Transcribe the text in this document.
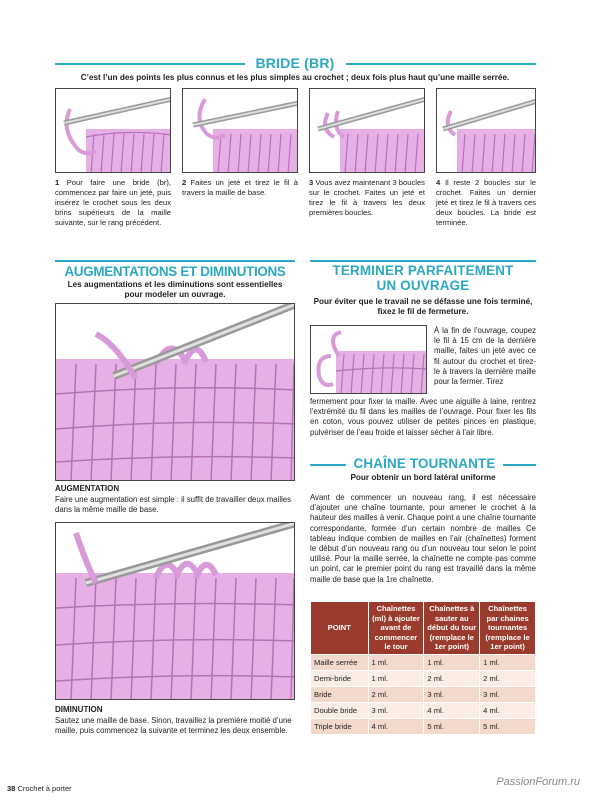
BRIDE (BR)
C’est l’un des points les plus connus et les plus simples au crochet ; deux fois plus haut qu’une maille serrée.
1 Pour faire une bride (br), commencez par faire un jeté, puis insérez le crochet sous les deux brins supérieurs de la maille suivante, sur le rang précédent.
2 Faites un jeté et tirez le fil à travers la maille de base.
3 Vous avez maintenant 3 boucles sur le crochet. Faites un jeté et tirez le fil à travers les deux premières boucles.
4 Il reste 2 boucles sur le crochet. Faites un dernier jeté et tirez le fil à travers ces deux boucles. La bride est terminée.
AUGMENTATIONS ET DIMINUTIONS
Les augmentations et les diminutions sont essentielles pour modeler un ouvrage.
AUGMENTATION
Faire une augmentation est simple : il suffit de travailler deux mailles dans la même maille de base.
DIMINUTION
Sautez une maille de base. Sinon, travaillez la première moitié d’une maille, puis commencez la suivante et terminez les deux ensemble.
TERMINER PARFAITEMENT
UN OUVRAGE
Pour éviter que le travail ne se défasse une fois terminé, fixez le fil de fermeture.
À la fin de l’ouvrage, coupez le fil à 15 cm de la dernière maille, faites un jeté avec ce fil autour du crochet et tirez-le à travers la dernière maille pour la fermer. Tirez
fermement pour fixer la maille. Avec une aiguille à laine, rentrez l’extrémité du fil dans les mailles de l’ouvrage. Pour fixer les fils en coton, vous pouvez utiliser de petites pinces en plastique, pulvériser de l’eau froide et laisser sécher à l’air libre.
CHAÎNE TOURNANTE
Pour obtenir un bord latéral uniforme
Avant de commencer un nouveau rang, il est nécessaire d’ajouter une chaîne tournante, pour amener le crochet à la hauteur des mailles à venir. Chaque point a une chaîne tournante correspondante, formée d’un certain nombre de mailles Ce tableau indique combien de mailles en l’air (chaînettes) forment le début d’un nouveau rang ou d’un nouveau tour selon le point utilisé. Pour la maille serrée, la chaînette ne compte pas comme un point, car le premier point du rang est travaillé dans la même maille de base que la 1re chaînette.
POINT	Chaînettes (ml) à ajouter avant de commencer le tour	Chaînettes à sauter au début du tour (remplace le 1er point)	Chaînettes par chaines tournantes (remplace le 1er point)
Maille serrée	1 ml.	1 ml.	1 ml.
Demi-bride	1 ml.	2 ml.	2 ml.
Bride	2 ml.	3 ml.	3 ml.
Double bride	3 ml.	4 ml.	4 ml.
Triple bride	4 ml.	5 ml.	5 ml.
38 Crochet à porter
PassionForum.ru
